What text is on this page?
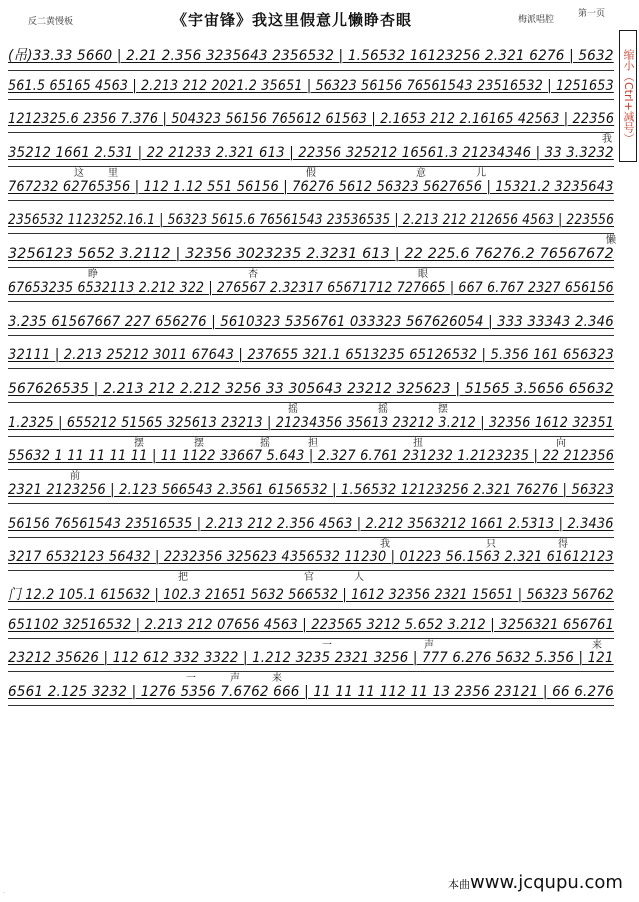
反二黄慢板	《宇宙锋》我这里假意儿懒睁杏眼	梅派唱腔
第一页
缩小（Ctrl+减号）
(吊)33.33 5660 | 2.21 2.356 3235643 2356532 | 1.56532 16123256 2.321 6276 | 5632
561.5 65165 4563 | 2.213 212 2021.2 35651 | 56323 56156 76561543 23516532 | 1251653
1212325.6 2356 7.376 | 504323 56156 765612 61563 | 2.1653 212 2.16165 42563 | 22356
我
35212 1661 2.531 | 22 21233 2.321 613 | 22356 325212 16561.3 21234346 | 33 3.3232
这 里	假	意	儿
767232 62765356 | 112 1.12 551 56156 | 76276 5612 56323 5627656 | 15321.2 3235643
2356532 1123252.16.1 | 56323 5615.6 76561543 23536535 | 2.213 212 212656 4563 | 223556
懒
3256123 5652 3.2112 | 32356 3023235 2.3231 613 | 22 225.6 76276.2 76567672
睁	杏	眼
67653235 6532113 2.212 322 | 276567 2.32317 65671712 727665 | 667 6.767 2327 656156
3.235 61567667 227 656276 | 5610323 5356761 033323 567626054 | 333 33343 2.346
32111 | 2.213 25212 3011 67643 | 237655 321.1 6513235 65126532 | 5.356 161 656323
567626535 | 2.213 212 2.212 3256 33 305643 23212 325623 | 51565 3.5656 65632
摇	摇	摆
1.2325 | 655212 51565 325613 23213 | 21234356 35613 23212 3.212 | 32356 1612 32351
摆	摆	摇	担	扭	向
55632 1 11 11 11 11 | 11 1122 33667 5.643 | 2.327 6.761 231232 1.2123235 | 22 212356
前
2321 2123256 | 2.123 566543 2.3561 6156532 | 1.56532 12123256 2.321 76276 | 56323
56156 76561543 23516535 | 2.213 212 2.356 4563 | 2.212 3563212 1661 2.5313 | 2.3436
我	只	得
3217 6532123 56432 | 2232356 325623 4356532 11230 | 01223 56.1563 2.321 61612123
把	官	人
门 12.2 105.1 615632 | 102.3 21651 5632 566532 | 1612 32356 2321 15651 | 56323 56762
651102 32516532 | 2.213 212 07656 4563 | 223565 3212 5.652 3.212 | 3256321 656761
一	声	来
23212 35626 | 112 612 332 3322 | 1.212 3235 2321 3256 | 777 6.276 5632 5.356 | 121
一	声	来
6561 2.125 3232 | 1276 5356 7.6762 666 | 11 11 11 112 11 13 2356 23121 | 66 6.276
本曲www.jcqupu.com
.
